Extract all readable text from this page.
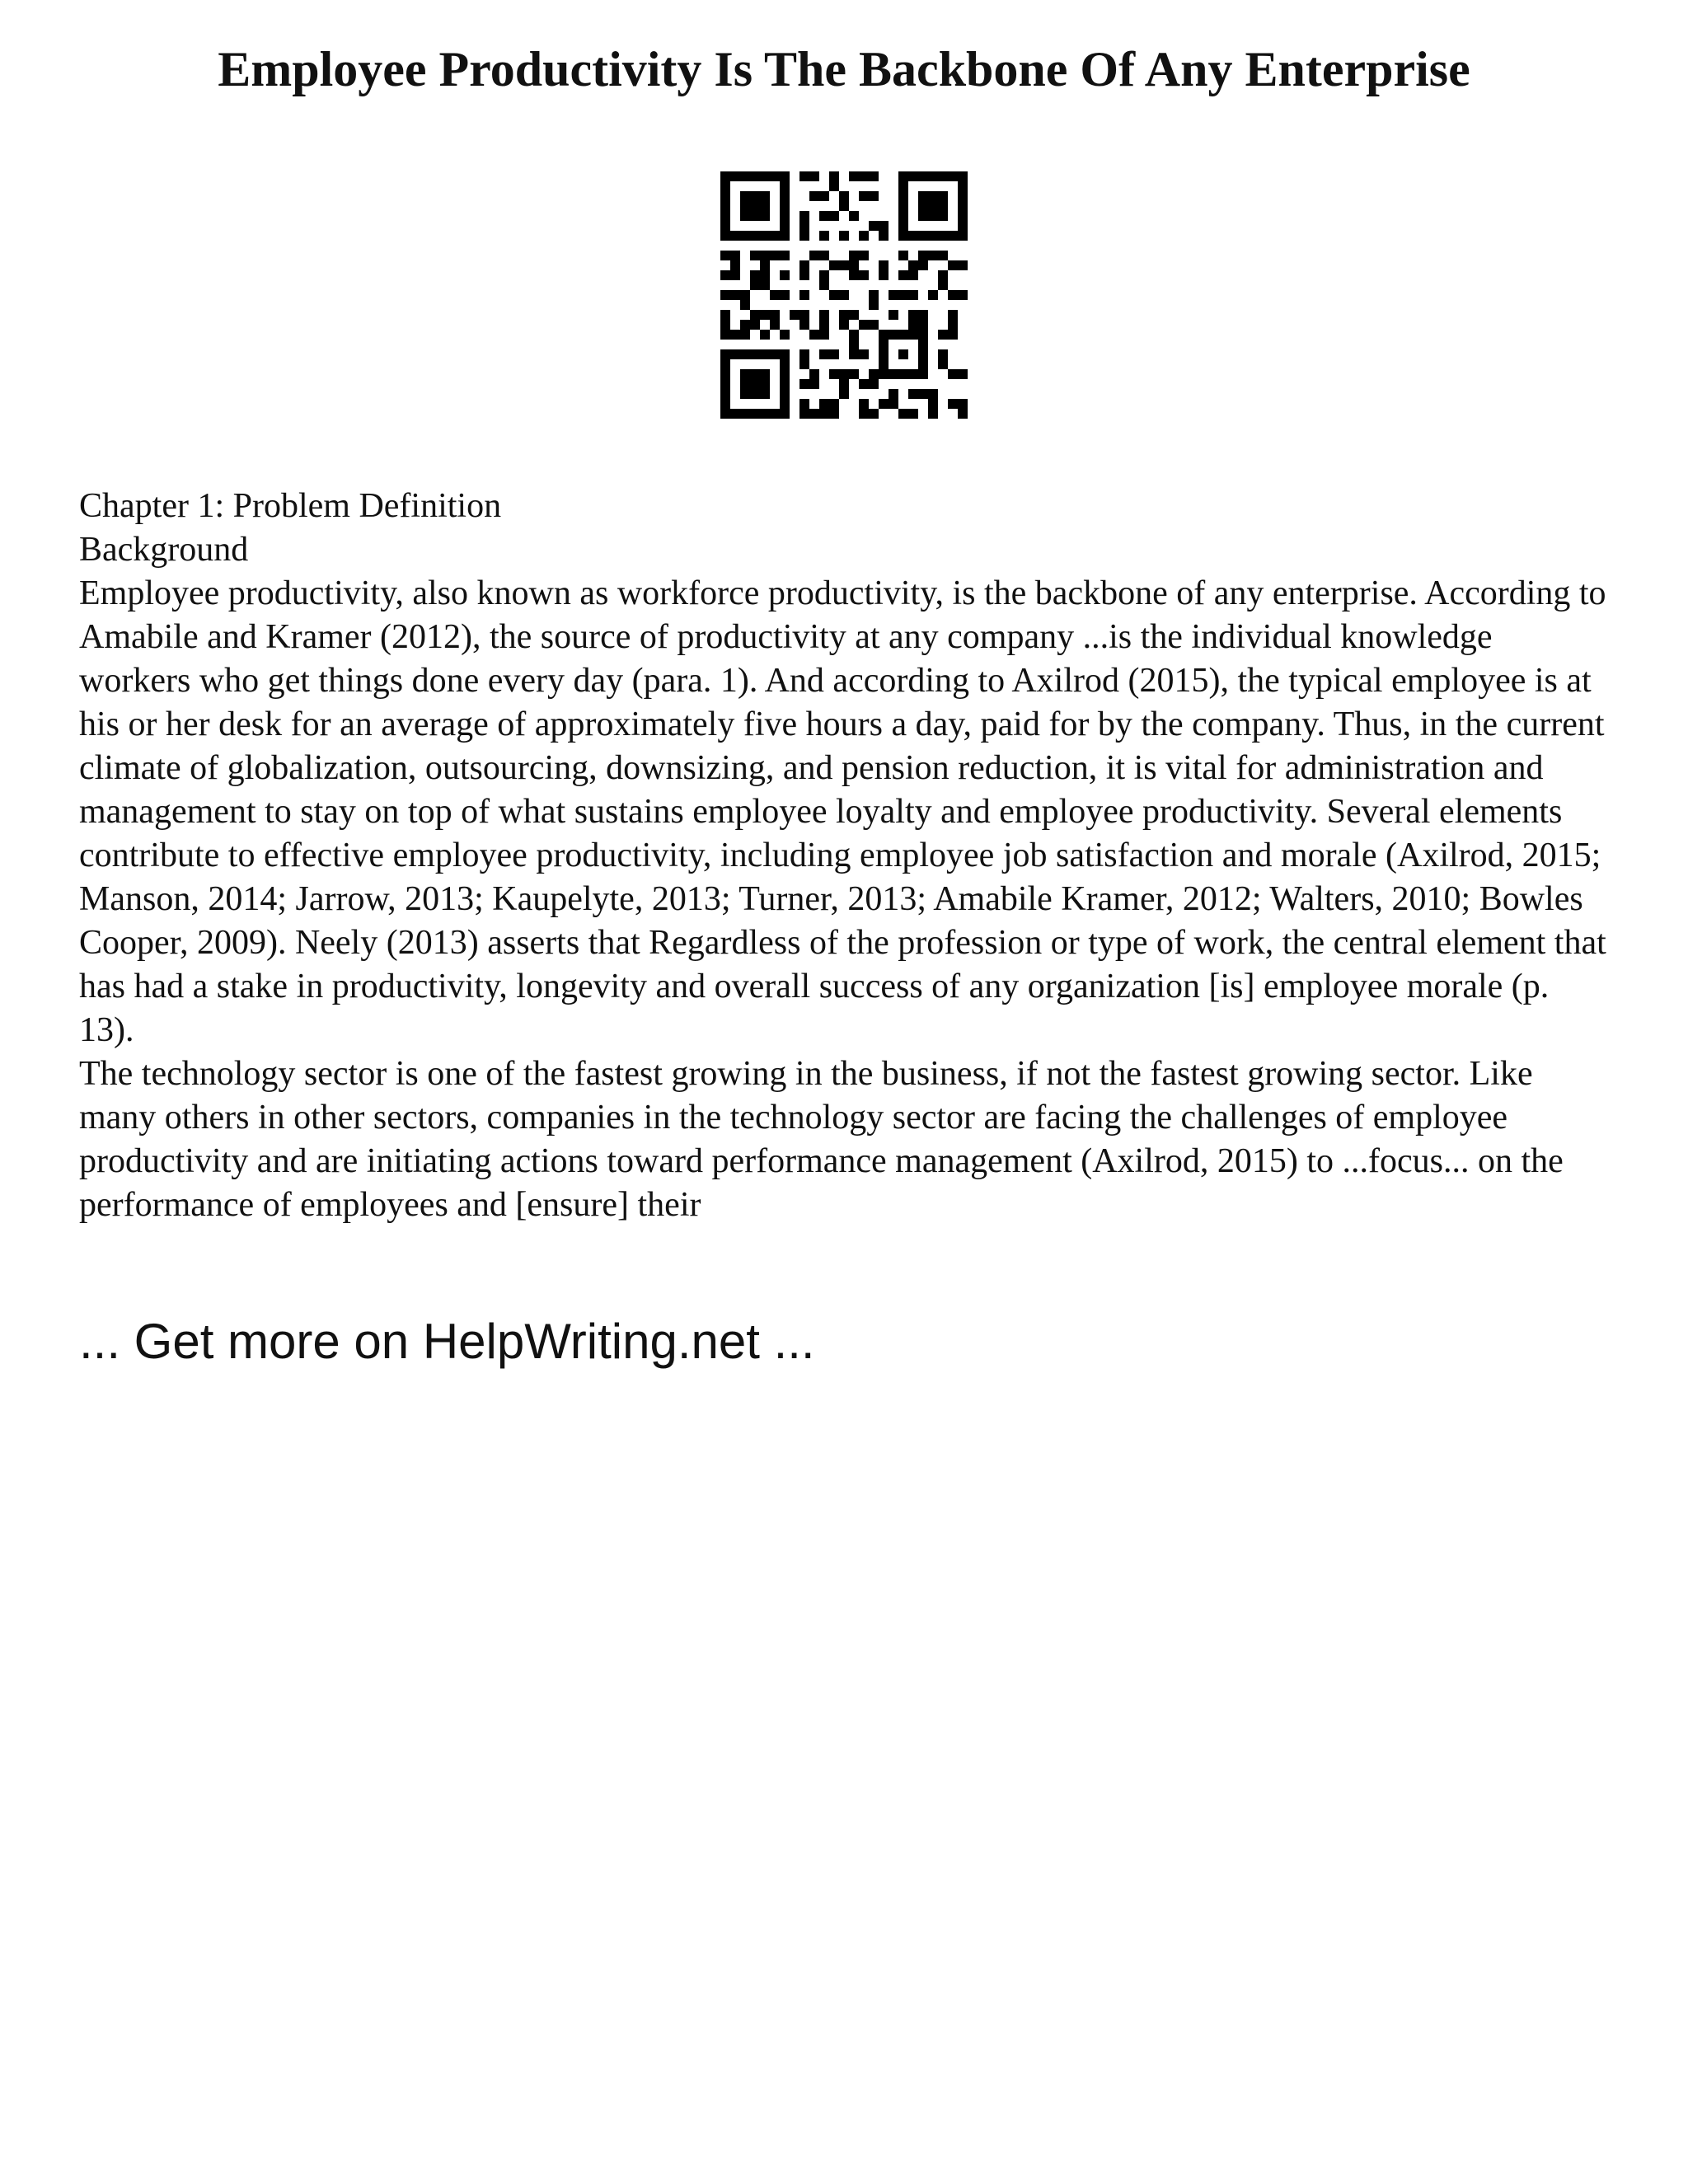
Employee Productivity Is The Backbone Of Any Enterprise
Chapter 1: Problem Definition
Background

Employee productivity, also known as workforce productivity, is the backbone of any enterprise. According to Amabile and Kramer (2012), the source of productivity at any company ...is the individual knowledge workers who get things done every day (para. 1). And according to Axilrod (2015), the typical employee is at his or her desk for an average of approximately five hours a day, paid for by the company. Thus, in the current climate of globalization, outsourcing, downsizing, and pension reduction, it is vital for administration and management to stay on top of what sustains employee loyalty and employee productivity. Several elements contribute to effective employee productivity, including employee job satisfaction and morale (Axilrod, 2015; Manson, 2014; Jarrow, 2013; Kaupelyte, 2013; Turner, 2013; Amabile Kramer, 2012; Walters, 2010; Bowles Cooper, 2009). Neely (2013) asserts that Regardless of the profession or type of work, the central element that has had a stake in productivity, longevity and overall success of any organization [is] employee morale (p. 13).

The technology sector is one of the fastest growing in the business, if not the fastest growing sector. Like many others in other sectors, companies in the technology sector are facing the challenges of employee productivity and are initiating actions toward performance management (Axilrod, 2015) to ...focus... on the performance of employees and [ensure] their

... Get more on HelpWriting.net ...
